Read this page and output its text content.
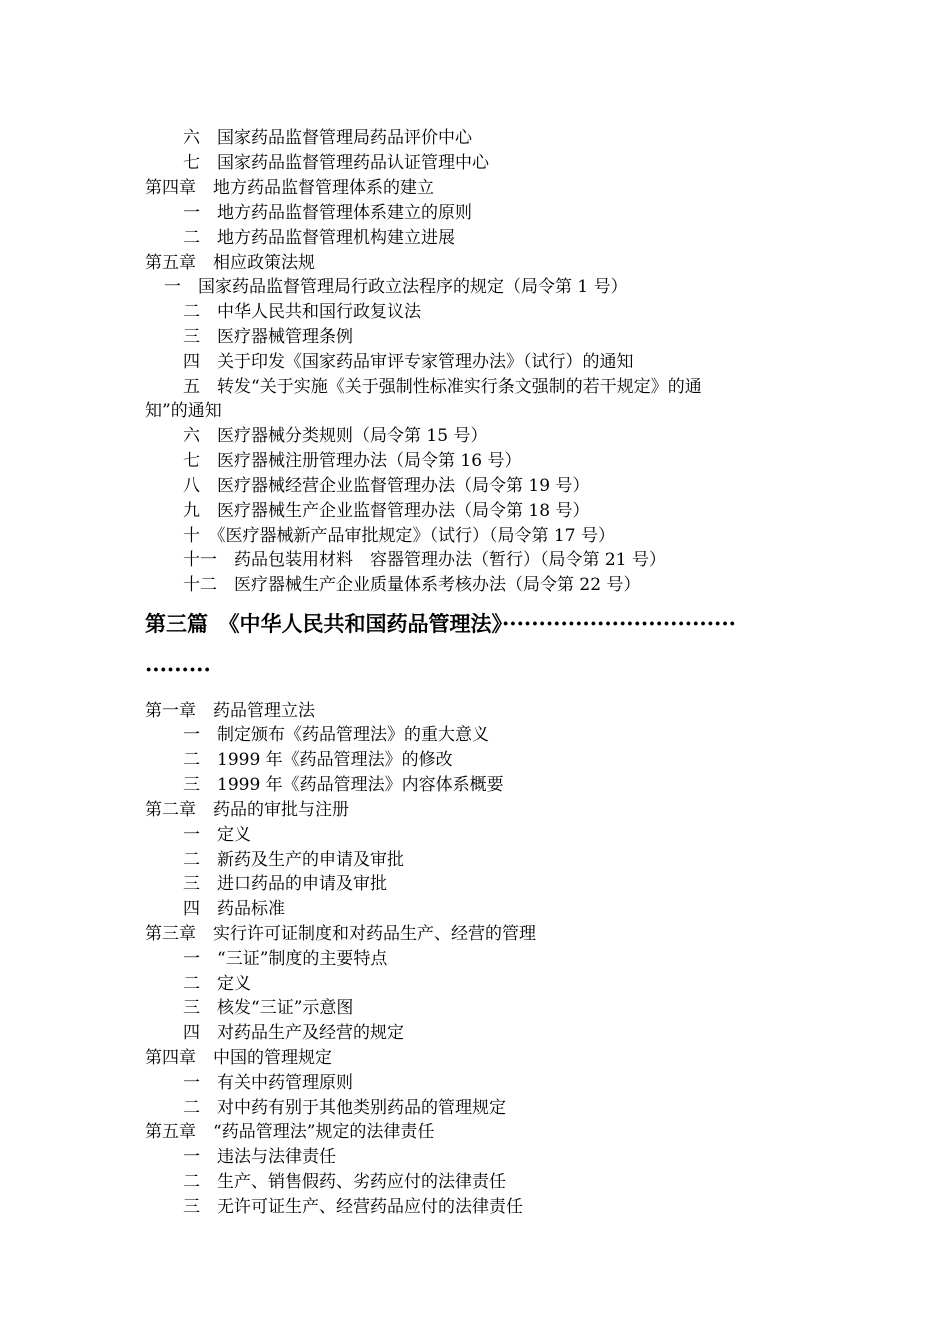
六　国家药品监督管理局药品评价中心
七　国家药品监督管理药品认证管理中心
第四章　地方药品监督管理体系的建立
一　地方药品监督管理体系建立的原则
二　地方药品监督管理机构建立进展
第五章　相应政策法规
一　国家药品监督管理局行政立法程序的规定（局令第 1 号）
二　中华人民共和国行政复议法
三　医疗器械管理条例
四　关于印发《国家药品审评专家管理办法》（试行）的通知
五　转发“关于实施《关于强制性标准实行条文强制的若干规定》的通
知”的通知
六　医疗器械分类规则（局令第 15 号）
七　医疗器械注册管理办法（局令第 16 号）
八　医疗器械经营企业监督管理办法（局令第 19 号）
九　医疗器械生产企业监督管理办法（局令第 18 号）
十　《医疗器械新产品审批规定》（试行）（局令第 17 号）
十一　药品包装用材料　容器管理办法（暂行）（局令第 21 号）
十二　医疗器械生产企业质量体系考核办法（局令第 22 号）
第三篇　《中华人民共和国药品管理法》································
·········
第一章　药品管理立法
一　制定颁布《药品管理法》的重大意义
二　1999 年《药品管理法》的修改
三　1999 年《药品管理法》内容体系概要
第二章　药品的审批与注册
一　定义
二　新药及生产的申请及审批
三　进口药品的申请及审批
四　药品标准
第三章　实行许可证制度和对药品生产、经营的管理
一　“三证”制度的主要特点
二　定义
三　核发“三证”示意图
四　对药品生产及经营的规定
第四章　中国的管理规定
一　有关中药管理原则
二　对中药有别于其他类别药品的管理规定
第五章　“药品管理法”规定的法律责任
一　违法与法律责任
二　生产、销售假药、劣药应付的法律责任
三　无许可证生产、经营药品应付的法律责任
